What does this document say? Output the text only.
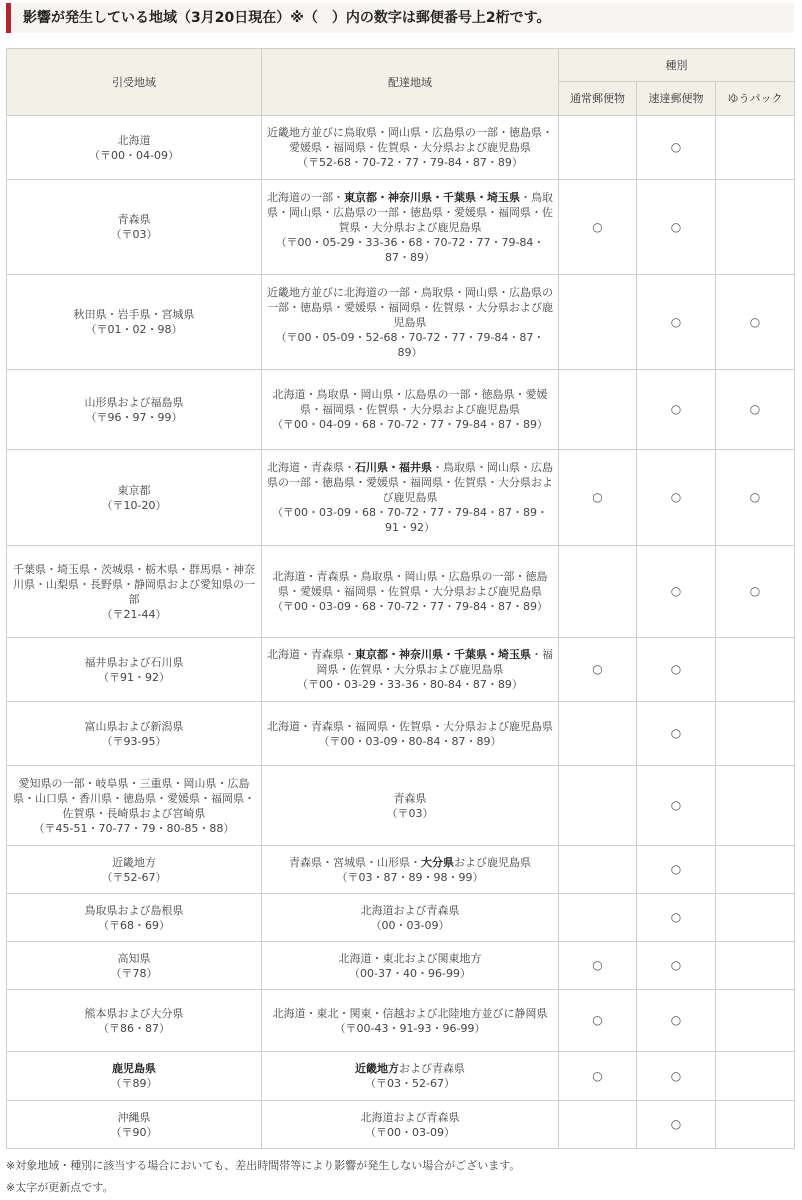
影響が発生している地域（3月20日現在）※（　）内の数字は郵便番号上2桁です。
引受地域	配達地域	種別		
		通常郵便物	速達郵便物	ゆうパック
北海道
（〒00・04-09）	近畿地方並びに鳥取県・岡山県・広島県の一部・徳島県・愛媛県・福岡県・佐賀県・大分県および鹿児島県
（〒52-68・70-72・77・79-84・87・89）		○	
青森県
（〒03）	北海道の一部・東京都・神奈川県・千葉県・埼玉県・鳥取県・岡山県・広島県の一部・徳島県・愛媛県・福岡県・佐賀県・大分県および鹿児島県
（〒00・05-29・33-36・68・70-72・77・79-84・87・89）	○	○	
秋田県・岩手県・宮城県
（〒01・02・98）	近畿地方並びに北海道の一部・鳥取県・岡山県・広島県の一部・徳島県・愛媛県・福岡県・佐賀県・大分県および鹿児島県
（〒00・05-09・52-68・70-72・77・79-84・87・89）		○	○
山形県および福島県
（〒96・97・99）	北海道・鳥取県・岡山県・広島県の一部・徳島県・愛媛県・福岡県・佐賀県・大分県および鹿児島県
（〒00・04-09・68・70-72・77・79-84・87・89）		○	○
東京都
（〒10-20）	北海道・青森県・石川県・福井県・鳥取県・岡山県・広島県の一部・徳島県・愛媛県・福岡県・佐賀県・大分県および鹿児島県
（〒00・03-09・68・70-72・77・79-84・87・89・91・92）	○	○	○
千葉県・埼玉県・茨城県・栃木県・群馬県・神奈川県・山梨県・長野県・静岡県および愛知県の一部
（〒21-44）	北海道・青森県・鳥取県・岡山県・広島県の一部・徳島県・愛媛県・福岡県・佐賀県・大分県および鹿児島県
（〒00・03-09・68・70-72・77・79-84・87・89）		○	○
福井県および石川県
（〒91・92）	北海道・青森県・東京都・神奈川県・千葉県・埼玉県・福岡県・佐賀県・大分県および鹿児島県
（〒00・03-29・33-36・80-84・87・89）	○	○	
富山県および新潟県
（〒93-95）	北海道・青森県・福岡県・佐賀県・大分県および鹿児島県
（〒00・03-09・80-84・87・89）		○	
愛知県の一部・岐阜県・三重県・岡山県・広島県・山口県・香川県・徳島県・愛媛県・福岡県・佐賀県・長崎県および宮崎県
（〒45-51・70-77・79・80-85・88）	青森県
（〒03）		○	
近畿地方
（〒52-67）	青森県・宮城県・山形県・大分県および鹿児島県
（〒03・87・89・98・99）		○	
鳥取県および島根県
（〒68・69）	北海道および青森県
（00・03-09）		○	
高知県
（〒78）	北海道・東北および関東地方
（00-37・40・96-99）	○	○	
熊本県および大分県
（〒86・87）	北海道・東北・関東・信越および北陸地方並びに静岡県
（〒00-43・91-93・96-99）	○	○	
鹿児島県
（〒89）	近畿地方および青森県
（〒03・52-67）	○	○	
沖縄県
（〒90）	北海道および青森県
（〒00・03-09）		○	
※対象地域・種別に該当する場合においても、差出時間帯等により影響が発生しない場合がございます。
※太字が更新点です。
